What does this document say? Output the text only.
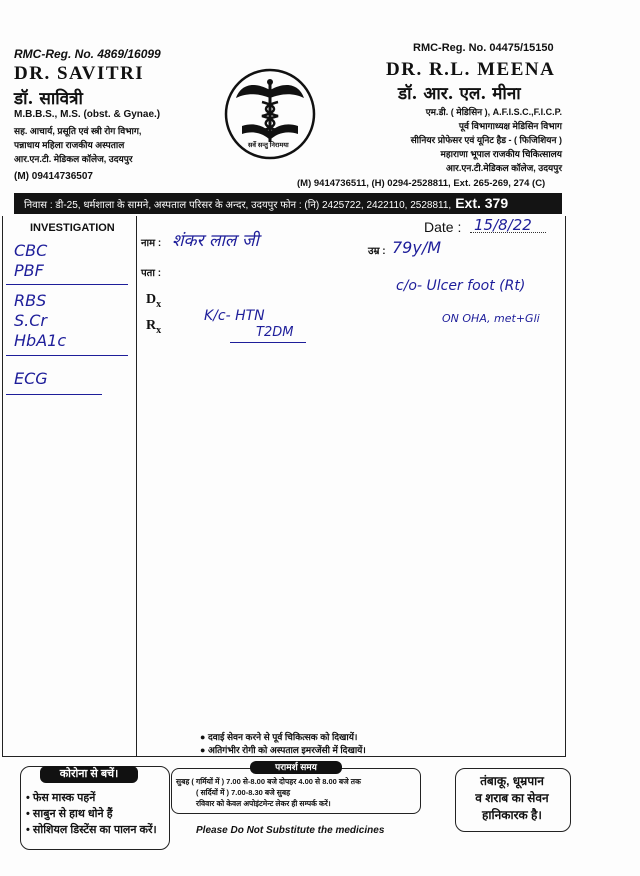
RMC-Reg. No. 4869/16099
DR. SAVITRI
डॉ. सावित्री
M.B.B.S., M.S. (obst. & Gynae.)
सह. आचार्य, प्रसूति एवं स्त्री रोग विभाग,
पन्नाधाय महिला राजकीय अस्पताल
आर.एन.टी. मेडिकल कॉलेज, उदयपुर
(M) 09414736507
सर्वे सन्तु निरामया
RMC-Reg. No. 04475/15150
DR. R.L. MEENA
डॉ. आर. एल. मीना
एम.डी. ( मेडिसिन ), A.F.I.S.C.,F.I.C.P.
पूर्व विभागाध्यक्ष मेडिसिन विभाग
सीनियर प्रोफेसर एवं यूनिट हैड - ( फिजिशियन )
महाराणा भूपाल राजकीय चिकित्सालय
आर.एन.टी.मेडिकल कॉलेज, उदयपुर
(M) 9414736511, (H) 0294-2528811, Ext. 265-269, 274 (C)
निवास : डी-25, धर्मशाला के सामने, अस्पताल परिसर के अन्दर, उदयपुर फोन : (नि) 2425722, 2422110, 2528811, Ext. 379
INVESTIGATION
नाम :
पता :
उम्र :
Date :
$D_x$
$R_x$
शंकर लाल जी	79y/M
15/8/22
CBC
PBF
RBS
S.Cr
HbA1c
ECG
c/o- Ulcer foot (Rt)
K/c- HTN
T2DM
ON OHA, met+Gli
● दवाई सेवन करने से पूर्व चिकित्सक को दिखायें।
● अतिगंभीर रोगी को अस्पताल इमरजेंसी में दिखायें।
कोरोना से बचें।
• फेस मास्क पहनें
• साबुन से हाथ धोने हैं
• सोशियल डिस्टेंस का पालन करें।
परामर्श समय
सुबह ( गर्मियों में ) 7.00 से-8.00 बजे दोपहर 4.00 से 8.00 बजे तक
( सर्दियों में ) 7.00-8.30 बजे सुबह
रविवार को केवल अपोइंटमेन्ट लेकर ही सम्पर्क करें।
तंबाकू, धूम्रपान
व शराब का सेवन
हानिकारक है।
Please Do Not Substitute the medicines
